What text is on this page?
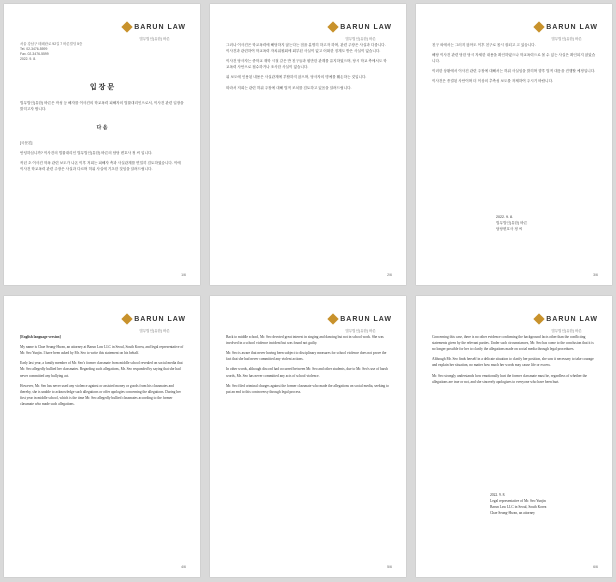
BARUN LAW
법무법인(유한) 바른
서울 강남구 테헤란로 92길 7 바른빌딩 5층
Tel. 02-3476-5599
Fax. 02-3476-5599
2022. 9. 8.
입 장 문

법무법인(유한) 바른은 작성 등 해자를 이사건의 학교폭력 피해자의 법률대리인으로서, 이사건 관련 입장을 밝히고자 합니다.

다 음

[국문본]

안녕하십니까? 이사건의 법률대리인 법무법인(유한) 바른의 담당 변호사 정 씨 입니다.

작년 초 이사건 학폭 관련 보도가 나온 이후 저희는 피해자 측과 사실관계를 면밀히 검토하였습니다. 이에 이사건 학교폭력 관련 주장은 사실과 다르며 허위 사실에 기초한 것임을 알려드립니다.

1/6
BARUN LAW
법무법인(유한) 바른

그러나 이사건은 학교폭력에 해당하지 않는다는 점을 분명히 하고자 하며, 관련 주장은 사실과 다릅니다. 이사건과 관련하여 학교폭력 자치위원회에 회부된 사실이 없고 어떠한 징계도 받은 사실이 없습니다.

이사건 당사자는 중학교 재학 시절 같은 반 친구들과 원만한 관계를 유지하였으며, 당시 학교 측에서도 학교폭력 사안으로 접수하거나 조사한 사실이 없습니다.

위 보도에 인용된 내용은 사실관계에 부합하지 않으며, 당사자의 명예를 훼손하는 것입니다.

따라서 저희는 관련 허위 주장에 대해 법적 조치를 검토하고 있음을 알려드립니다.

2/6
BARUN LAW
법무법인(유한) 바른

친구 외에서는 그러지 않아도 이후 친구로 몹시 잘되고 고 있습니다.

해당 이사건 관련 당한 당시 자세한 내용을 확인하였으나 학교폭력으로 볼 수 있는 사실은 확인되지 않았습니다.

이러한 상황에서 이사건 관련 주장에 대해서는 허위 사실임을 밝히며 향후 법적 대응을 진행할 예정입니다.

이사건은 종결된 사안이며 더 이상의 추측성 보도를 자제하여 주시기 바랍니다.

2022. 9. 8.
법무법인(유한) 바른
담당변호사 정 씨
3/6
BARUN LAW
법무법인(유한) 바른

[English language version]

My name is Chae Seung-Hwan, an attorney at Barun Law LLC in Seoul, South Korea, and legal representative of Mr. Seo Yunjin. I have been asked by Mr. Seo to write this statement on his behalf.

Early last year, a family member of Mr. Seo's former classmate from middle school revealed on social media that Mr. Seo allegedly bullied her classmates. Regarding such allegations, Mr. Seo responded by saying that she had never committed any bullying act.

However, Mr. Seo has never used any violence against or assisted money or goods from his classmates and thereby, she is unable to acknowledge such allegations or offer apologies concerning the allegations. During her first year in middle school, which is the time Mr. Seo allegedly bullied classmates according to the former classmate who made such allegations.

4/6
BARUN LAW
법무법인(유한) 바른

Back to middle school, Mr. Seo devoted great interest in singing and dancing but not in school work. She was involved in a school violence incident but was found not guilty.

Mr. Seo is aware that never having been subject to disciplinary measures for school violence does not prove the fact that she had never committed any violent actions.

In other words, although discord had occurred between Mr. Seo and other students, due to Mr. Seo's use of harsh words, Mr. Seo has never committed any acts of school violence.

Mr. Seo filed criminal charges against the former classmate who made the allegations on social media, seeking to put an end to this controversy through legal process.

5/6
BARUN LAW
법무법인(유한) 바른

Concerning this case, there is no other evidence confirming the background facts other than the conflicting statements given by the relevant parties. Under such circumstances, Mr. Seo has come to the conclusion that it is no longer possible for her to clarify the allegations made on social media through legal procedures.

Although Mr. Seo finds herself in a delicate situation to clarify her position, she saw it necessary to take courage and explain her situation, no matter how much her words may cause life or excess.

Mr. Seo strongly understands how emotionally hurt the former classmate must be, regardless of whether the allegations are true or not, and she sincerely apologizes to everyone who have been hurt.

2022. 9. 8.
Legal representative of Mr. Seo Yunjin
Barun Law LLC in Seoul, South Korea
Chae Seung-Hwan, an attorney
6/6
